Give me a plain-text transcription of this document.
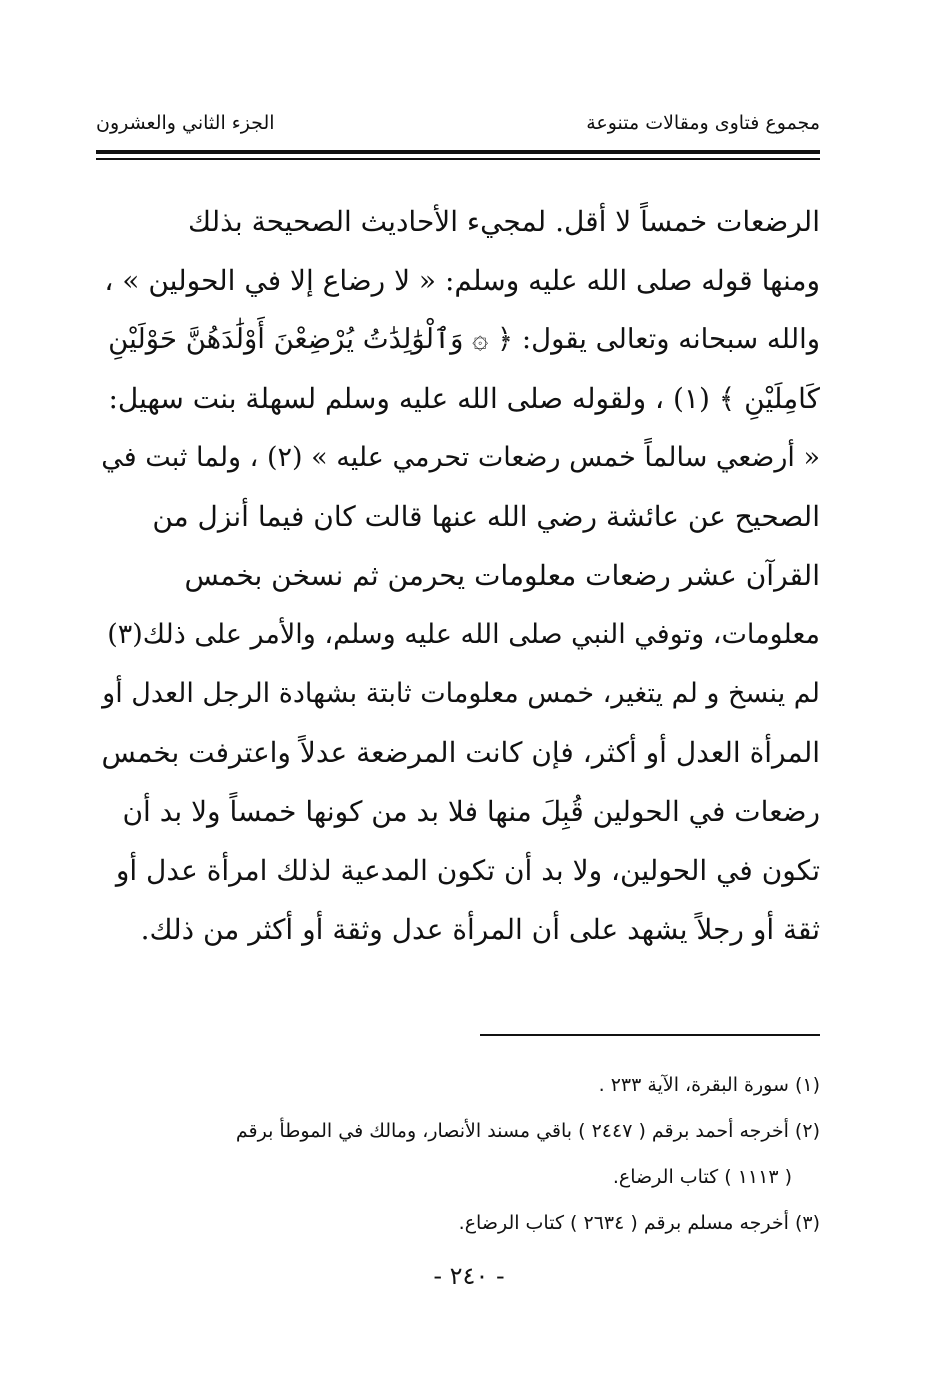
مجموع فتاوى ومقالات متنوعة
الجزء الثاني والعشرون
الرضعات خمساً لا أقل. لمجيء الأحاديث الصحيحة بذلك
ومنها قوله صلى الله عليه وسلم: « لا رضاع إلا في الحولين » ،
والله سبحانه وتعالى يقول: ﴿ ۞ وَٱلْوَٰلِدَٰتُ يُرْضِعْنَ أَوْلَٰدَهُنَّ حَوْلَيْنِ
كَامِلَيْنِ ﴾ (١) ، ولقوله صلى الله عليه وسلم لسهلة بنت سهيل:
« أرضعي سالماً خمس رضعات تحرمي عليه » (٢) ، ولما ثبت في
الصحيح عن عائشة رضي الله عنها قالت كان فيما أنزل من
القرآن عشر رضعات معلومات يحرمن ثم نسخن بخمس
معلومات، وتوفي النبي صلى الله عليه وسلم، والأمر على ذلك(٣)
لم ينسخ و لم يتغير، خمس معلومات ثابتة بشهادة الرجل العدل أو
المرأة العدل أو أكثر، فإن كانت المرضعة عدلاً واعترفت بخمس
رضعات في الحولين قُبِلَ منها فلا بد من كونها خمساً ولا بد أن
تكون في الحولين، ولا بد أن تكون المدعية لذلك امرأة عدل أو
ثقة أو رجلاً يشهد على أن المرأة عدل وثقة أو أكثر من ذلك.
(١) سورة البقرة، الآية ٢٣٣ .
(٢) أخرجه أحمد برقم ( ٢٤٤٧ ) باقي مسند الأنصار، ومالك في الموطأ برقم
( ١١١٣ ) كتاب الرضاع.
(٣) أخرجه مسلم برقم ( ٢٦٣٤ ) كتاب الرضاع.
- ٢٤٠ -
